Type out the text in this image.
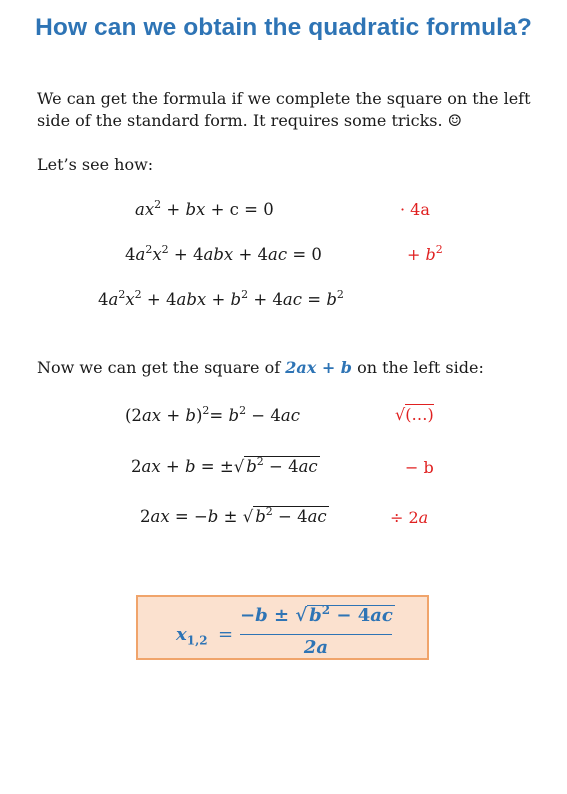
How can we obtain the quadratic formula?
We can get the formula if we complete the square on the left side of the standard form. It requires some tricks. ☺
Let’s see how:
$ax^2$ + bx + c = 0	· 4a
$4a^2x^2 + 4abx + 4ac = 0$	+ $b^2$
$4a^2x^2 + 4abx + b^2 + 4ac = b^2$
Now we can get the square of 2ax + b on the left side:
$(2ax + b)^2= b^2 - 4ac$	√(…)
2ax + b = ±√ $b^2 - 4ac$	− b
2ax = −b ± √ $b^2 - 4ac$	÷ 2a
$x_{1,2}$ =
−b ± √ $b^2 - 4ac$
2a
